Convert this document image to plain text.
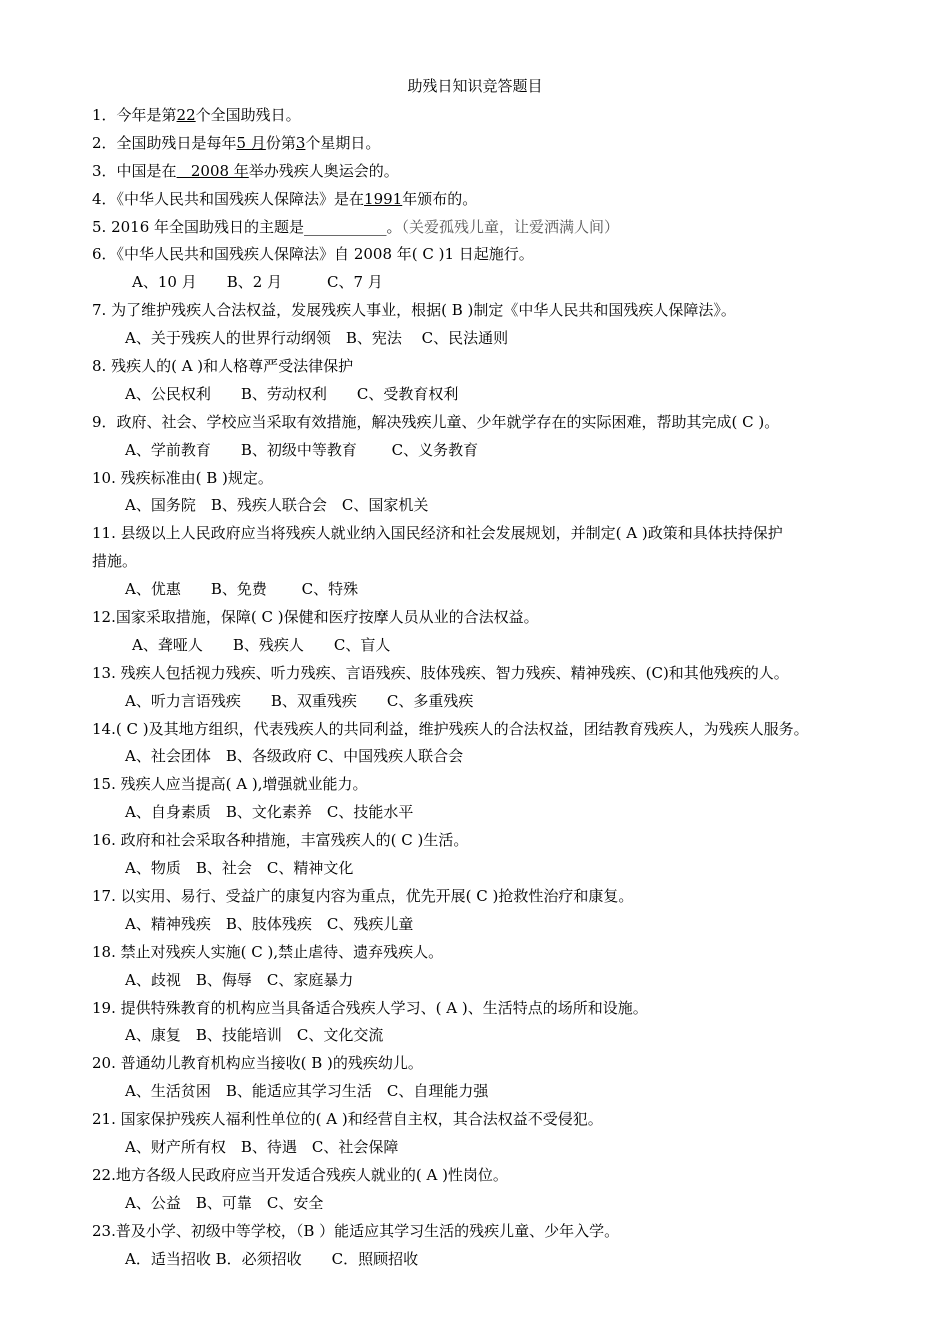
助残日知识竞答题目
1．今年是第22个全国助残日。
2．全国助残日是每年5 月份第3个星期日。
3．中国是在   2008 年举办残疾人奥运会的。
4．《中华人民共和国残疾人保障法》是在1991年颁布的。
5. 2016 年全国助残日的主题是___________。（关爱孤残儿童，让爱洒满人间）
6．《中华人民共和国残疾人保障法》自 2008 年( C )1 日起施行。
A、10 月　　B、2 月　　　C、7 月
7. 为了维护残疾人合法权益，发展残疾人事业，根据( B )制定《中华人民共和国残疾人保障法》。
A、关于残疾人的世界行动纲领　B、宪法　 C、民法通则
8. 残疾人的( A )和人格尊严受法律保护
A、公民权利　　B、劳动权利　　C、受教育权利
9．政府、社会、学校应当采取有效措施，解决残疾儿童、少年就学存在的实际困难，帮助其完成( C )。
A、学前教育　　B、初级中等教育　　 C、义务教育
10. 残疾标准由( B )规定。
A、国务院　B、残疾人联合会　C、国家机关
11. 县级以上人民政府应当将残疾人就业纳入国民经济和社会发展规划，并制定( A )政策和具体扶持保护
措施。
A、优惠　　B、免费　　 C、特殊
12.国家采取措施，保障( C )保健和医疗按摩人员从业的合法权益。
A、聋哑人　　B、残疾人　　C、盲人
13. 残疾人包括视力残疾、听力残疾、言语残疾、肢体残疾、智力残疾、精神残疾、(C)和其他残疾的人。
A、听力言语残疾　　B、双重残疾　　C、多重残疾
14.( C )及其地方组织，代表残疾人的共同利益，维护残疾人的合法权益，团结教育残疾人，为残疾人服务。
A、社会团体　B、各级政府 C、中国残疾人联合会
15. 残疾人应当提高( A ),增强就业能力。
A、自身素质　B、文化素养　C、技能水平
16. 政府和社会采取各种措施，丰富残疾人的( C )生活。
A、物质　B、社会　C、精神文化
17. 以实用、易行、受益广的康复内容为重点，优先开展( C )抢救性治疗和康复。
A、精神残疾　B、肢体残疾　C、残疾儿童
18. 禁止对残疾人实施( C ),禁止虐待、遗弃残疾人。
A、歧视　B、侮辱　C、家庭暴力
19. 提供特殊教育的机构应当具备适合残疾人学习、( A )、生活特点的场所和设施。
A、康复　B、技能培训　C、文化交流
20. 普通幼儿教育机构应当接收( B )的残疾幼儿。
A、生活贫困　B、能适应其学习生活　C、自理能力强
21. 国家保护残疾人福利性单位的( A )和经营自主权，其合法权益不受侵犯。
A、财产所有权　B、待遇　C、社会保障
22.地方各级人民政府应当开发适合残疾人就业的( A )性岗位。
A、公益　B、可靠　C、安全
23.普及小学、初级中等学校，（B ）能适应其学习生活的残疾儿童、少年入学。
A．适当招收 B．必须招收　　C．照顾招收
